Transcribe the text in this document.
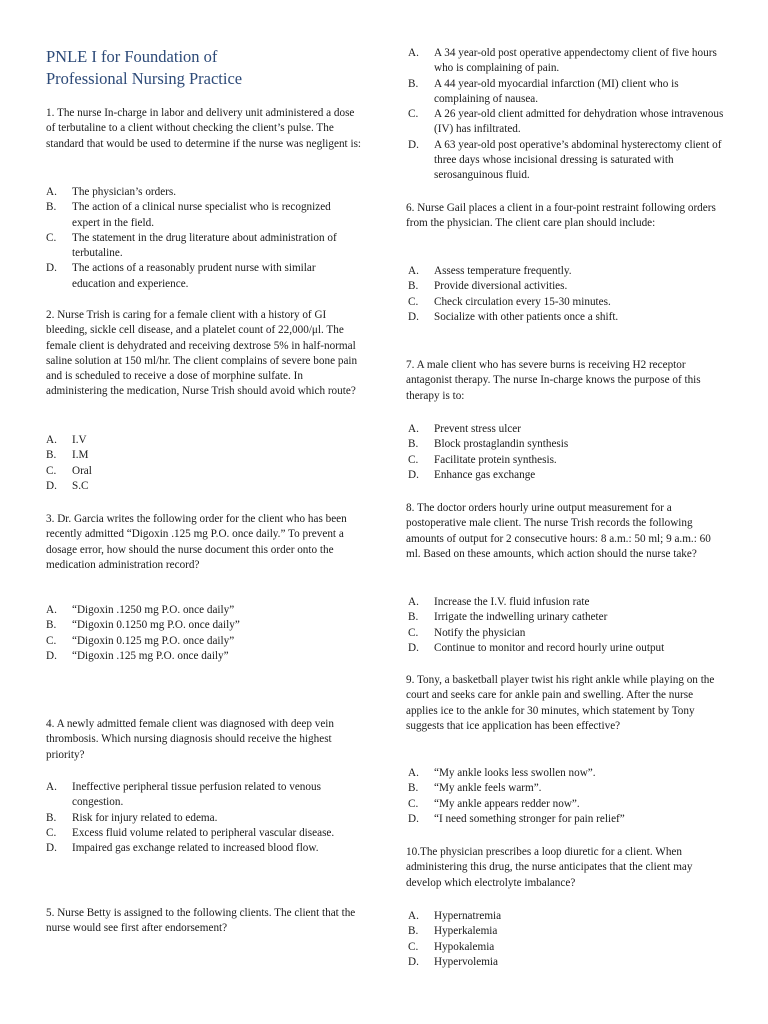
PNLE I for Foundation of
Professional Nursing Practice

1. The nurse In-charge in labor and delivery unit administered a dose of terbutaline to a client without checking the client’s pulse. The standard that would be used to determine if the nurse was negligent is:

A.	The physician’s orders.
B.	The action of a clinical nurse specialist who is recognized expert in the field.
C.	The statement in the drug literature about administration of terbutaline.
D.	The actions of a reasonably prudent nurse with similar education and experience.

2. Nurse Trish is caring for a female client with a history of GI bleeding, sickle cell disease, and a platelet count of 22,000/μl. The female client is dehydrated and receiving dextrose 5% in half-normal saline solution at 150 ml/hr. The client complains of severe bone pain and is scheduled to receive a dose of morphine sulfate. In administering the medication, Nurse Trish should avoid which route?

A.	I.V
B.	I.M
C.	Oral
D.	S.C

3. Dr. Garcia writes the following order for the client who has been recently admitted “Digoxin .125 mg P.O. once daily.” To prevent a dosage error, how should the nurse document this order onto the medication administration record?

A.	“Digoxin .1250 mg P.O. once daily”
B.	“Digoxin 0.1250 mg P.O. once daily”
C.	“Digoxin 0.125 mg P.O. once daily”
D.	“Digoxin .125 mg P.O. once daily”

4. A newly admitted female client was diagnosed with deep vein thrombosis. Which nursing diagnosis should receive the highest priority?

A.	Ineffective peripheral tissue perfusion related to venous congestion.
B.	Risk for injury related to edema.
C.	Excess fluid volume related to peripheral vascular disease.
D.	Impaired gas exchange related to increased blood flow.

5. Nurse Betty is assigned to the following clients. The client that the nurse would see first after endorsement?

A.	A 34 year-old post operative appendectomy client of five hours who is complaining of pain.
B.	A 44 year-old myocardial infarction (MI) client who is complaining of nausea.
C.	A 26 year-old client admitted for dehydration whose intravenous (IV) has infiltrated.
D.	A 63 year-old post operative’s abdominal hysterectomy client of three days whose incisional dressing is saturated with serosanguinous fluid.

6. Nurse Gail places a client in a four-point restraint following orders from the physician. The client care plan should include:

A.	Assess temperature frequently.
B.	Provide diversional activities.
C.	Check circulation every 15-30 minutes.
D.	Socialize with other patients once a shift.

7. A male client who has severe burns is receiving H2 receptor antagonist therapy. The nurse In-charge knows the purpose of this therapy is to:

A.	Prevent stress ulcer
B.	Block prostaglandin synthesis
C.	Facilitate protein synthesis.
D.	Enhance gas exchange

8. The doctor orders hourly urine output measurement for a postoperative male client. The nurse Trish records the following amounts of output for 2 consecutive hours: 8 a.m.: 50 ml; 9 a.m.: 60 ml. Based on these amounts, which action should the nurse take?

A.	Increase the I.V. fluid infusion rate
B.	Irrigate the indwelling urinary catheter
C.	Notify the physician
D.	Continue to monitor and record hourly urine output

9. Tony, a basketball player twist his right ankle while playing on the court and seeks care for ankle pain and swelling. After the nurse applies ice to the ankle for 30 minutes, which statement by Tony suggests that ice application has been effective?

A.	“My ankle looks less swollen now”.
B.	“My ankle feels warm”.
C.	“My ankle appears redder now”.
D.	“I need something stronger for pain relief”

10.The physician prescribes a loop diuretic for a client. When administering this drug, the nurse anticipates that the client may develop which electrolyte imbalance?

A.	Hypernatremia
B.	Hyperkalemia
C.	Hypokalemia
D.	Hypervolemia
